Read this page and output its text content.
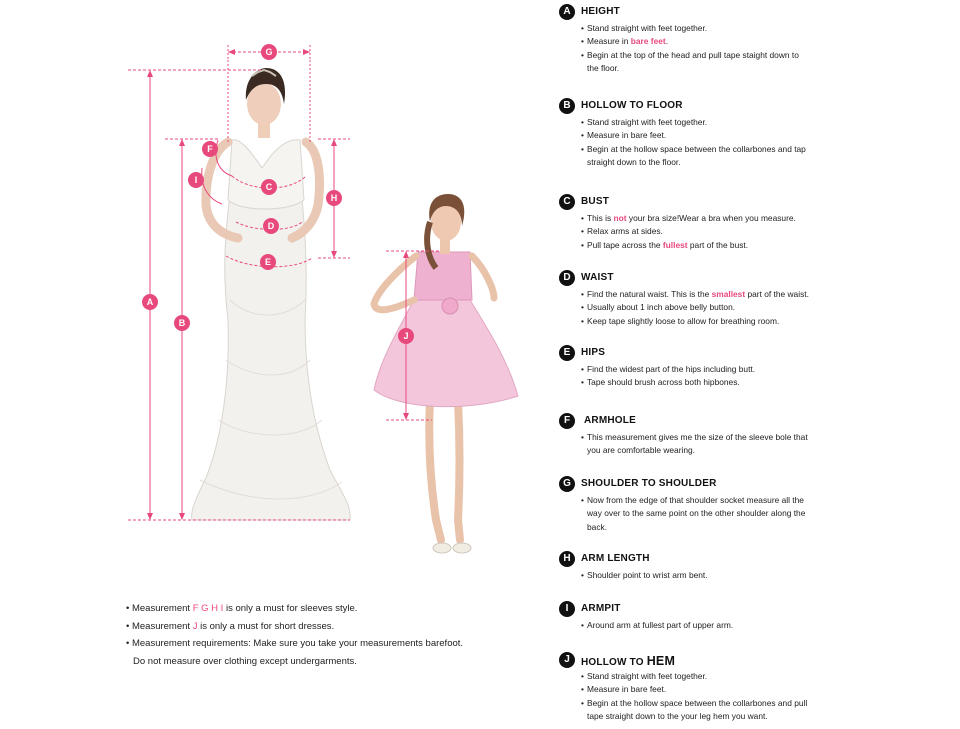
G
A
B
C
D
E
F
H
I
J
• Measurement F G H I is only a must for sleeves style.
• Measurement J is only a must for short dresses.
• Measurement requirements: Make sure you take your measurements barefoot.
Do not measure over clothing except undergarments.
A	HEIGHT
• Stand straight with feet together.
• Measure in bare feet.
• Begin at the top of the head and pull tape staight down to
the floor.
B	HOLLOW TO FLOOR
• Stand straight with feet together.
• Measure in bare feet.
• Begin at the hollow space between the collarbones and tap
straight down to the floor.
C	BUST
• This is not your bra size!Wear a bra when you measure.
• Relax arms at sides.
• Pull tape across the fullest part of the bust.
D	WAIST
• Find the natural waist. This is the smallest part of the waist.
• Usually about 1 inch above belly button.
• Keep tape slightly loose to allow for breathing room.
E	HIPS
• Find the widest part of the hips including butt.
• Tape should brush across both hipbones.
F	ARMHOLE
• This measurement gives me the size of the sleeve bole that
you are comfortable wearing.
G	SHOULDER TO SHOULDER
• Now from the edge of that shoulder socket measure all the
way over to the same point on the other shoulder along the
back.
H	ARM LENGTH
• Shoulder point to wrist arm bent.
I	ARMPIT
• Around arm at fullest part of upper arm.
J	HOLLOW TO HEM
• Stand straight with feet together.
• Measure in bare feet.
• Begin at the hollow space between the collarbones and pull
tape straight down to the your leg hem you want.
